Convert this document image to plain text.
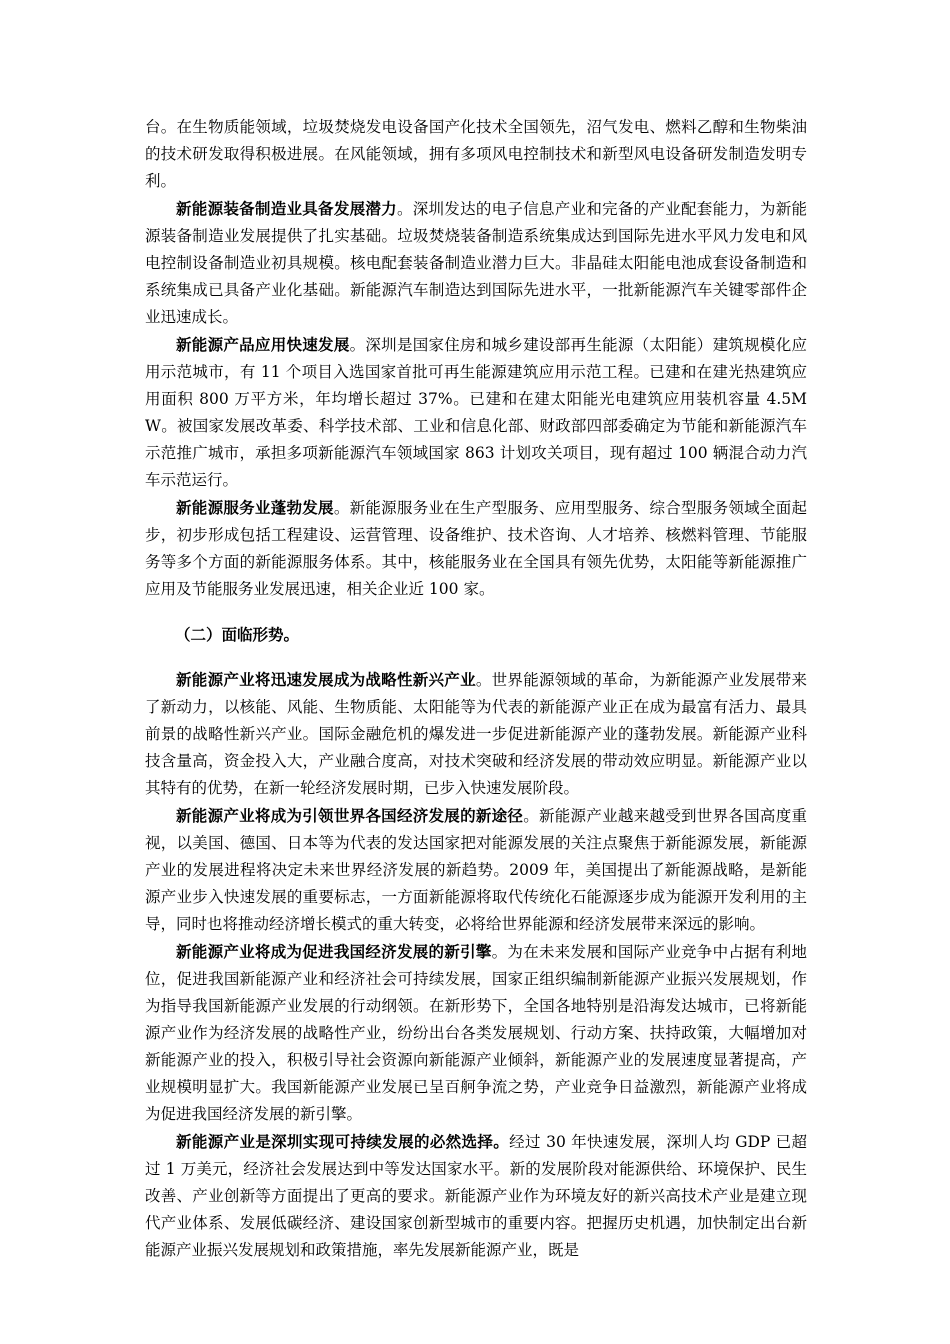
台。在生物质能领域，垃圾焚烧发电设备国产化技术全国领先，沼气发电、燃料乙醇和生物柴油的技术研发取得积极进展。在风能领域，拥有多项风电控制技术和新型风电设备研发制造发明专利。

新能源装备制造业具备发展潜力。深圳发达的电子信息产业和完备的产业配套能力，为新能源装备制造业发展提供了扎实基础。垃圾焚烧装备制造系统集成达到国际先进水平风力发电和风电控制设备制造业初具规模。核电配套装备制造业潜力巨大。非晶硅太阳能电池成套设备制造和系统集成已具备产业化基础。新能源汽车制造达到国际先进水平，一批新能源汽车关键零部件企业迅速成长。

新能源产品应用快速发展。深圳是国家住房和城乡建设部再生能源（太阳能）建筑规模化应用示范城市，有 11 个项目入选国家首批可再生能源建筑应用示范工程。已建和在建光热建筑应用面积 800 万平方米，年均增长超过 37%。已建和在建太阳能光电建筑应用装机容量 4.5MW。被国家发展改革委、科学技术部、工业和信息化部、财政部四部委确定为节能和新能源汽车示范推广城市，承担多项新能源汽车领域国家 863 计划攻关项目，现有超过 100 辆混合动力汽车示范运行。

新能源服务业蓬勃发展。新能源服务业在生产型服务、应用型服务、综合型服务领域全面起步，初步形成包括工程建设、运营管理、设备维护、技术咨询、人才培养、核燃料管理、节能服务等多个方面的新能源服务体系。其中，核能服务业在全国具有领先优势，太阳能等新能源推广应用及节能服务业发展迅速，相关企业近 100 家。

（二）面临形势。

新能源产业将迅速发展成为战略性新兴产业。世界能源领域的革命，为新能源产业发展带来了新动力，以核能、风能、生物质能、太阳能等为代表的新能源产业正在成为最富有活力、最具前景的战略性新兴产业。国际金融危机的爆发进一步促进新能源产业的蓬勃发展。新能源产业科技含量高，资金投入大，产业融合度高，对技术突破和经济发展的带动效应明显。新能源产业以其特有的优势，在新一轮经济发展时期，已步入快速发展阶段。

新能源产业将成为引领世界各国经济发展的新途径。新能源产业越来越受到世界各国高度重视，以美国、德国、日本等为代表的发达国家把对能源发展的关注点聚焦于新能源发展，新能源产业的发展进程将决定未来世界经济发展的新趋势。2009 年，美国提出了新能源战略，是新能源产业步入快速发展的重要标志，一方面新能源将取代传统化石能源逐步成为能源开发利用的主导，同时也将推动经济增长模式的重大转变，必将给世界能源和经济发展带来深远的影响。

新能源产业将成为促进我国经济发展的新引擎。为在未来发展和国际产业竞争中占据有利地位，促进我国新能源产业和经济社会可持续发展，国家正组织编制新能源产业振兴发展规划，作为指导我国新能源产业发展的行动纲领。在新形势下，全国各地特别是沿海发达城市，已将新能源产业作为经济发展的战略性产业，纷纷出台各类发展规划、行动方案、扶持政策，大幅增加对新能源产业的投入，积极引导社会资源向新能源产业倾斜，新能源产业的发展速度显著提高，产业规模明显扩大。我国新能源产业发展已呈百舸争流之势，产业竞争日益激烈，新能源产业将成为促进我国经济发展的新引擎。

新能源产业是深圳实现可持续发展的必然选择。经过 30 年快速发展，深圳人均 GDP 已超过 1 万美元，经济社会发展达到中等发达国家水平。新的发展阶段对能源供给、环境保护、民生改善、产业创新等方面提出了更高的要求。新能源产业作为环境友好的新兴高技术产业是建立现代产业体系、发展低碳经济、建设国家创新型城市的重要内容。把握历史机遇，加快制定出台新能源产业振兴发展规划和政策措施，率先发展新能源产业，既是
